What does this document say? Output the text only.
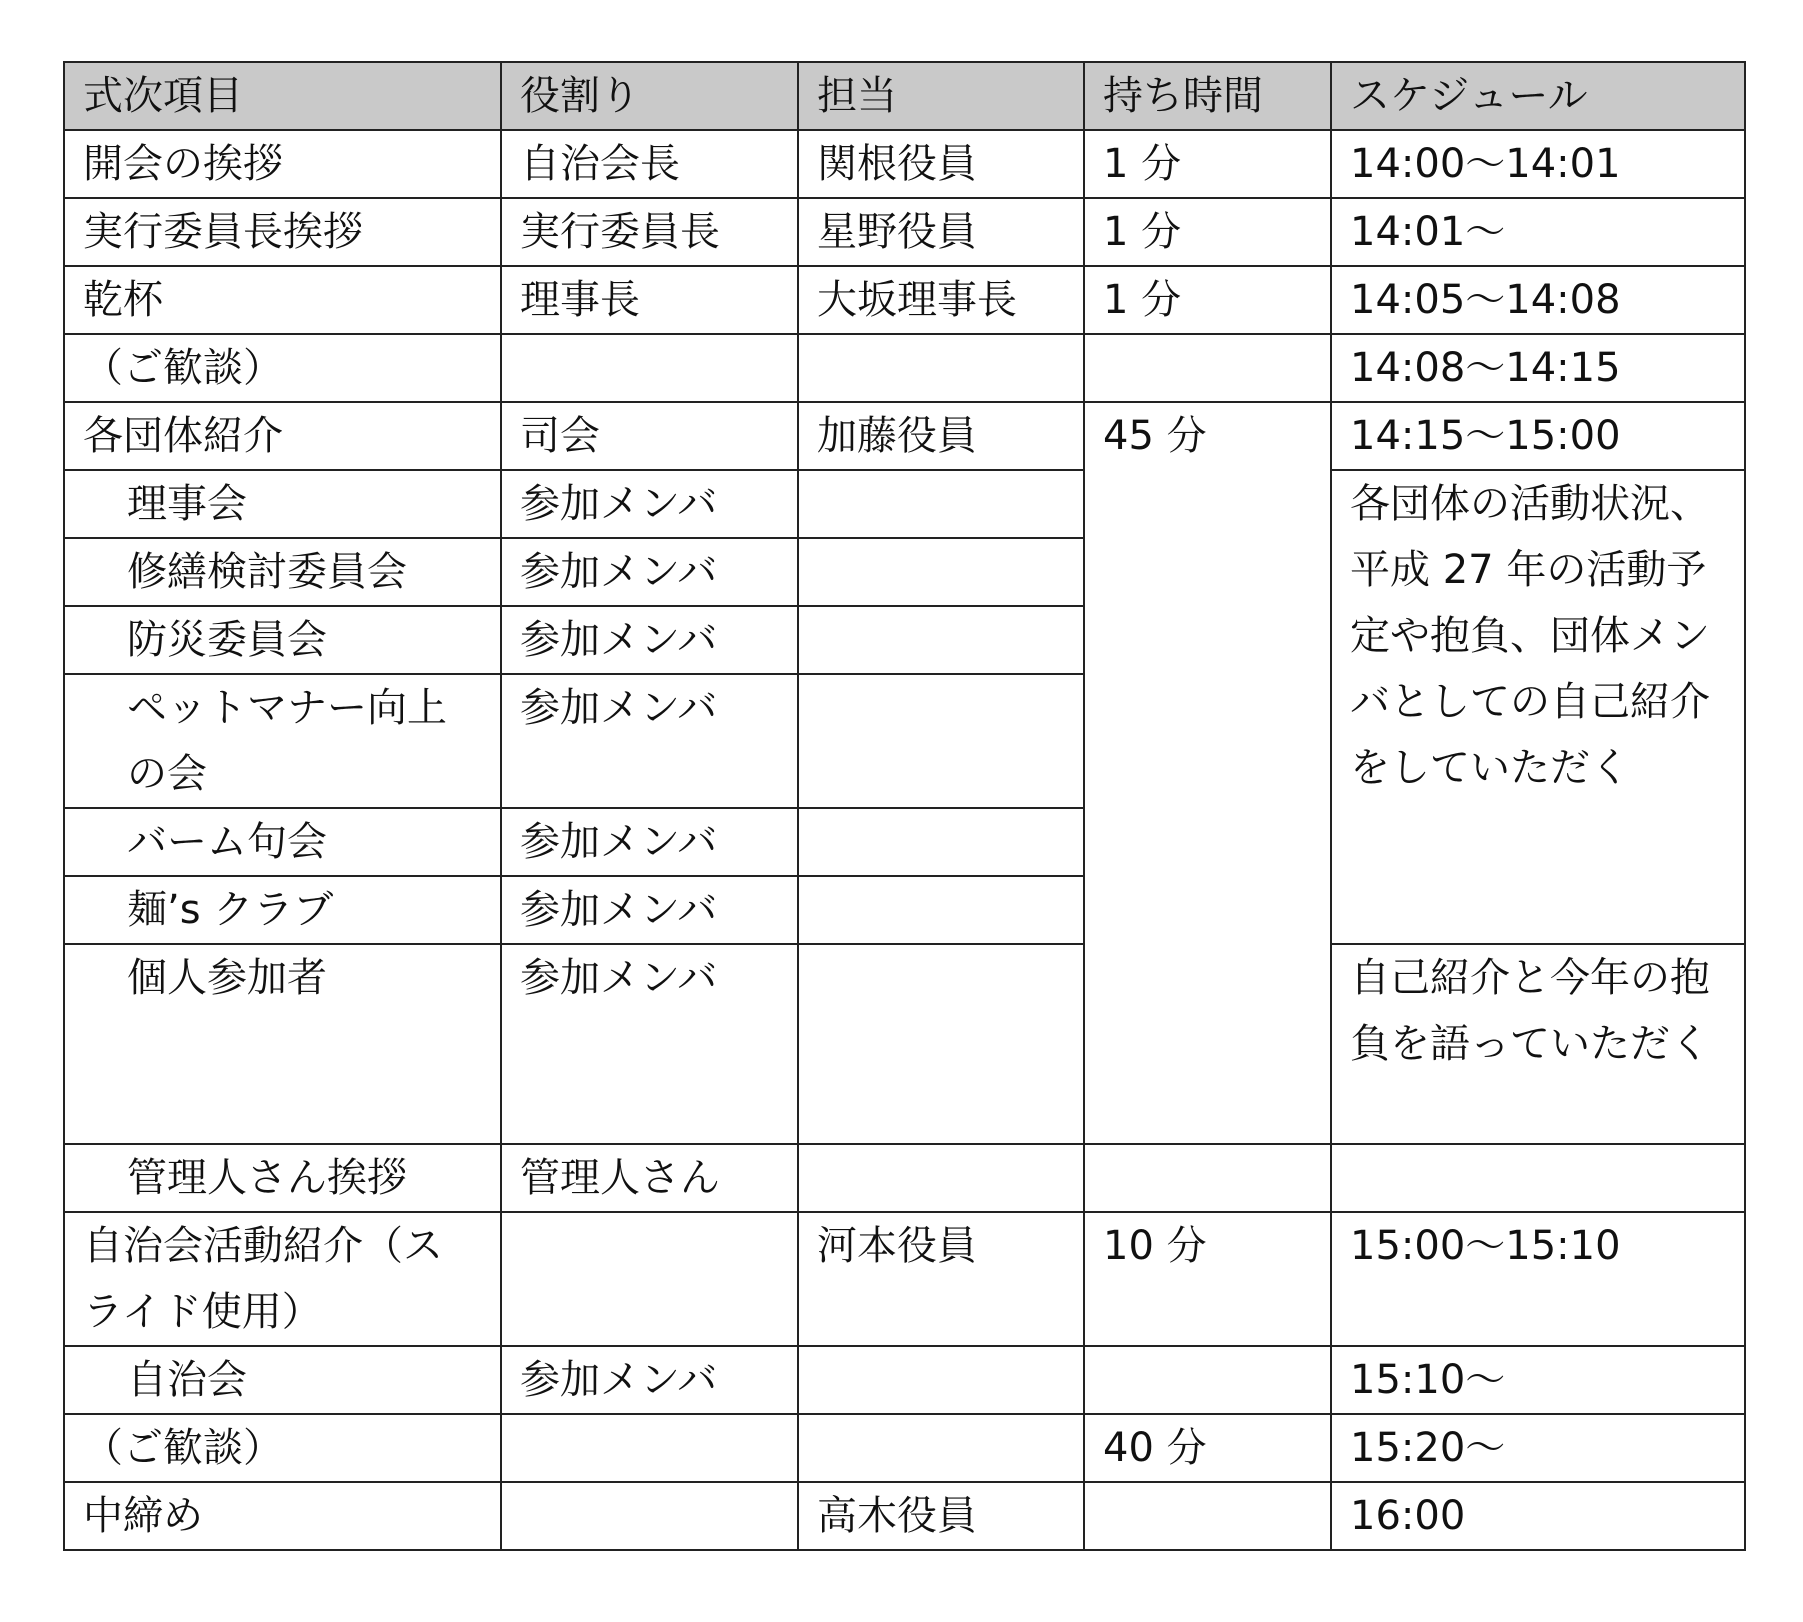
式次項目	役割り	担当	持ち時間	スケジュール
開会の挨拶	自治会長	関根役員	1 分	14:00～14:01
実行委員長挨拶	実行委員長	星野役員	1 分	14:01～
乾杯	理事長	大坂理事長	1 分	14:05～14:08
（ご歓談）				14:08～14:15
各団体紹介	司会	加藤役員	45 分	14:15～15:00
理事会	参加メンバ			各団体の活動状況、平成 27 年の活動予定や抱負、団体メンバとしての自己紹介をしていただく
修繕検討委員会	参加メンバ			
防災委員会	参加メンバ			
ペットマナー向上の会	参加メンバ			
バーム句会	参加メンバ			
麺’s クラブ	参加メンバ			
個人参加者	参加メンバ			自己紹介と今年の抱負を語っていただく
管理人さん挨拶	管理人さん			
自治会活動紹介（スライド使用）		河本役員	10 分	15:00～15:10
自治会	参加メンバ			15:10～
（ご歓談）			40 分	15:20～
中締め		高木役員		16:00
